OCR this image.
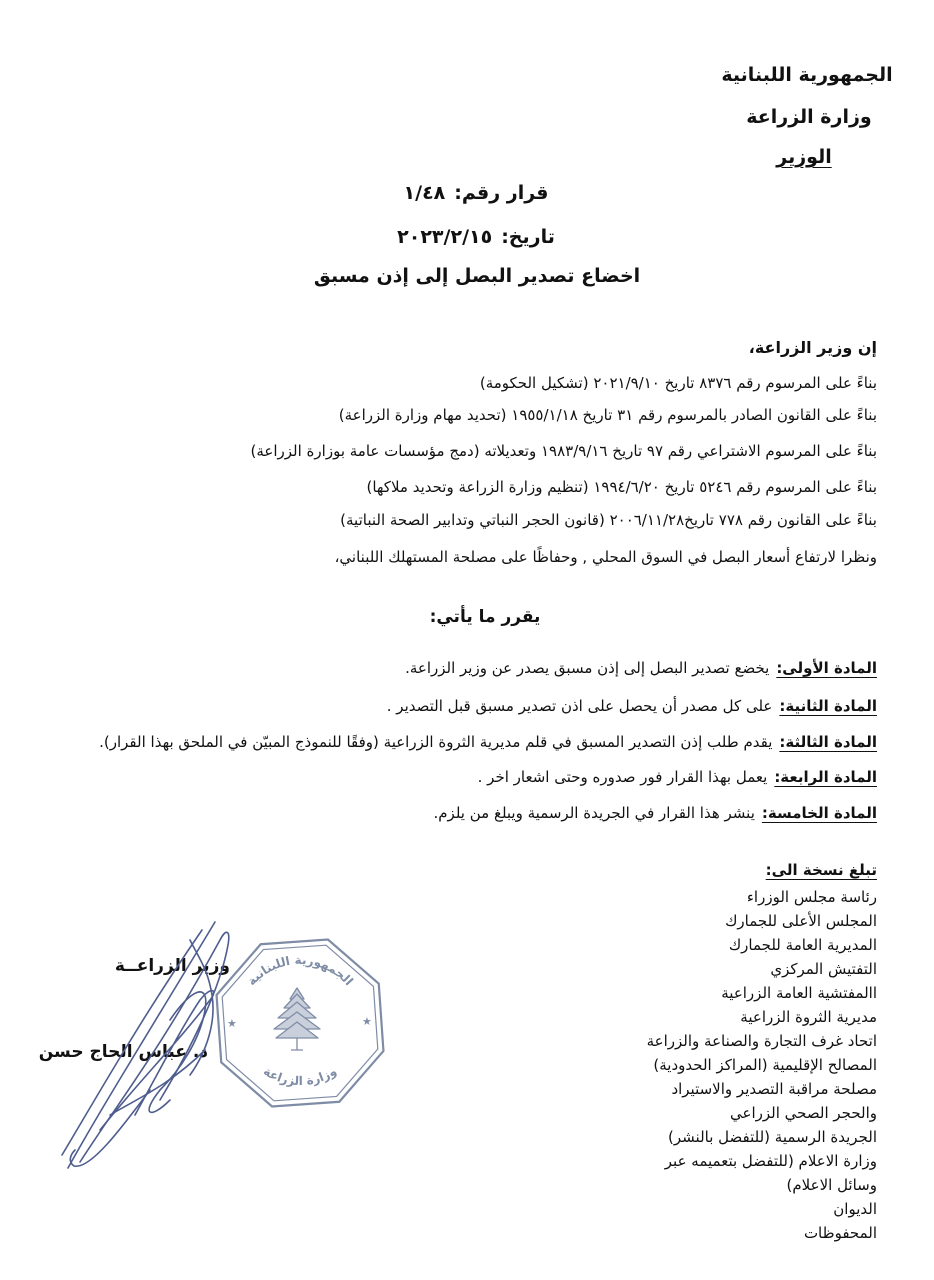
الجمهورية اللبنانية
وزارة الزراعة
الوزير
قرار رقم:١/٤٨
تاريخ:٢٠٢٣/٢/١٥
اخضاع تصدير البصل إلى إذن مسبق
إن وزير الزراعة،
بناءً على المرسوم رقم ٨٣٧٦ تاريخ ٢٠٢١/٩/١٠ (تشكيل الحكومة)
بناءً على القانون الصادر بالمرسوم رقم ٣١ تاريخ ١٩٥٥/١/١٨ (تحديد مهام وزارة الزراعة)
بناءً على المرسوم الاشتراعي رقم ٩٧ تاريخ ١٩٨٣/٩/١٦ وتعديلاته (دمج مؤسسات عامة بوزارة الزراعة)
بناءً على المرسوم رقم ٥٢٤٦ تاريخ ١٩٩٤/٦/٢٠ (تنظيم وزارة الزراعة وتحديد ملاكها)
بناءً على القانون رقم ٧٧٨ تاريخ٢٠٠٦/١١/٢٨ (قانون الحجر النباتي وتدابير الصحة النباتية)
ونظرا لارتفاع أسعار البصل في السوق المحلي , وحفاظًا على مصلحة المستهلك اللبناني،
يقرر ما يأتي:
المادة الأولى:يخضع تصدير البصل إلى إذن مسبق يصدر عن وزير الزراعة.
المادة الثانية:على كل مصدر أن يحصل على اذن تصدير مسبق قبل التصدير .
المادة الثالثة:يقدم طلب إذن التصدير المسبق في قلم مديرية الثروة الزراعية (وفقًا للنموذج المبيّن في الملحق بهذا القرار).
المادة الرابعة:يعمل بهذا القرار فور صدوره وحتى اشعار اخر .
المادة الخامسة:ينشر هذا القرار في الجريدة الرسمية ويبلغ من يلزم.
تبلغ نسخة الى:
رئاسة مجلس الوزراء
المجلس الأعلى للجمارك
المديرية العامة للجمارك
التفتيش المركزي
االمفتشية العامة الزراعية
مديرية الثروة الزراعية
اتحاد غرف التجارة والصناعة والزراعة
المصالح الإقليمية (المراكز الحدودية)
مصلحة مراقبة التصدير والاستيراد
والحجر الصحي الزراعي
الجريدة الرسمية (للتفضل بالنشر)
وزارة الاعلام (للتفضل بتعميمه عبر
وسائل الاعلام)
الديوان
المحفوظات
وزير الزراعــة
د. عباس الحاج حسن
الجمهورية اللبنانية
وزارة الزراعة
★	★
